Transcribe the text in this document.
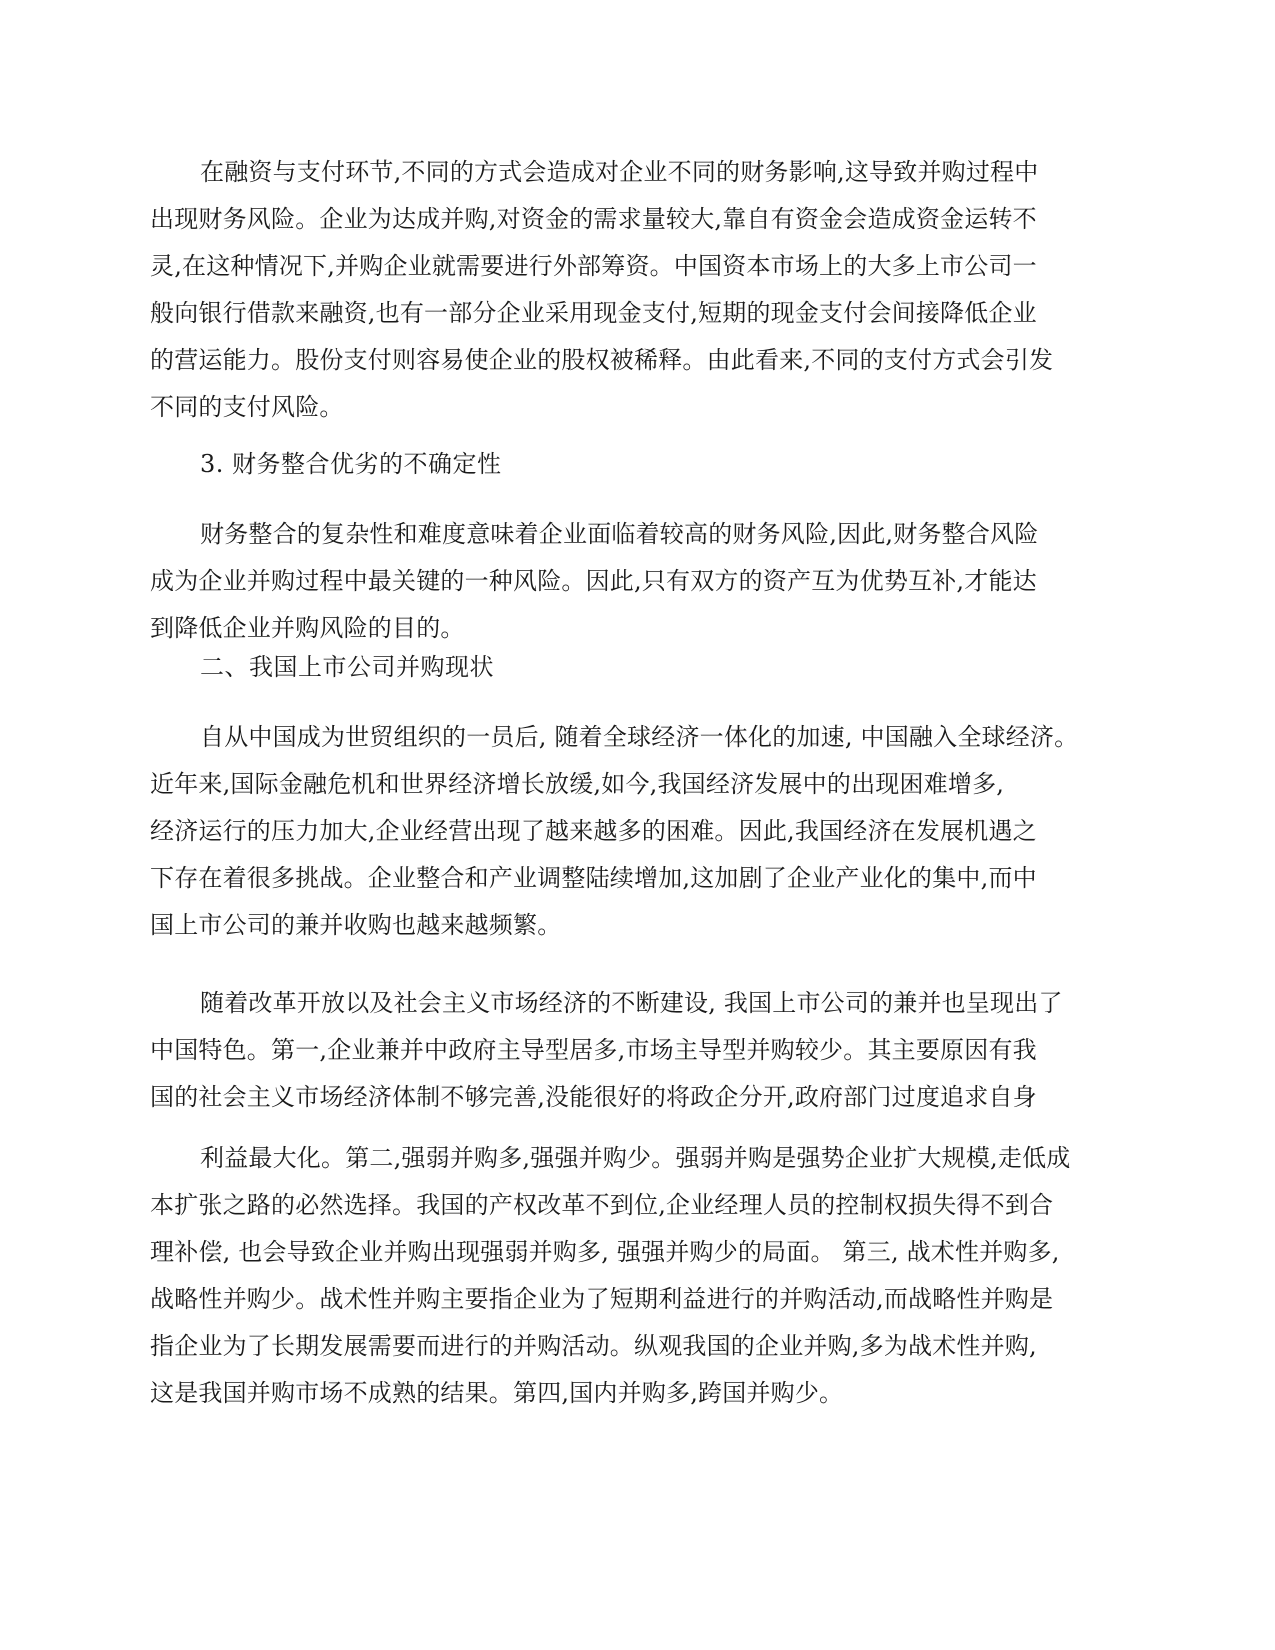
在融资与支付环节,不同的方式会造成对企业不同的财务影响,这导致并购过程中
出现财务风险。企业为达成并购,对资金的需求量较大,靠自有资金会造成资金运转不
灵,在这种情况下,并购企业就需要进行外部筹资。中国资本市场上的大多上市公司一
般向银行借款来融资,也有一部分企业采用现金支付,短期的现金支付会间接降低企业
的营运能力。股份支付则容易使企业的股权被稀释。由此看来,不同的支付方式会引发
不同的支付风险。
3. 财务整合优劣的不确定性
财务整合的复杂性和难度意味着企业面临着较高的财务风险,因此,财务整合风险
成为企业并购过程中最关键的一种风险。因此,只有双方的资产互为优势互补,才能达
到降低企业并购风险的目的。
二、我国上市公司并购现状
自从中国成为世贸组织的一员后, 随着全球经济一体化的加速, 中国融入全球经济。
近年来,国际金融危机和世界经济增长放缓,如今,我国经济发展中的出现困难增多,
经济运行的压力加大,企业经营出现了越来越多的困难。因此,我国经济在发展机遇之
下存在着很多挑战。企业整合和产业调整陆续增加,这加剧了企业产业化的集中,而中
国上市公司的兼并收购也越来越频繁。
随着改革开放以及社会主义市场经济的不断建设, 我国上市公司的兼并也呈现出了
中国特色。第一,企业兼并中政府主导型居多,市场主导型并购较少。其主要原因有我
国的社会主义市场经济体制不够完善,没能很好的将政企分开,政府部门过度追求自身
利益最大化。第二,强弱并购多,强强并购少。强弱并购是强势企业扩大规模,走低成
本扩张之路的必然选择。我国的产权改革不到位,企业经理人员的控制权损失得不到合
理补偿, 也会导致企业并购出现强弱并购多, 强强并购少的局面。 第三, 战术性并购多,
战略性并购少。战术性并购主要指企业为了短期利益进行的并购活动,而战略性并购是
指企业为了长期发展需要而进行的并购活动。纵观我国的企业并购,多为战术性并购,
这是我国并购市场不成熟的结果。第四,国内并购多,跨国并购少。
